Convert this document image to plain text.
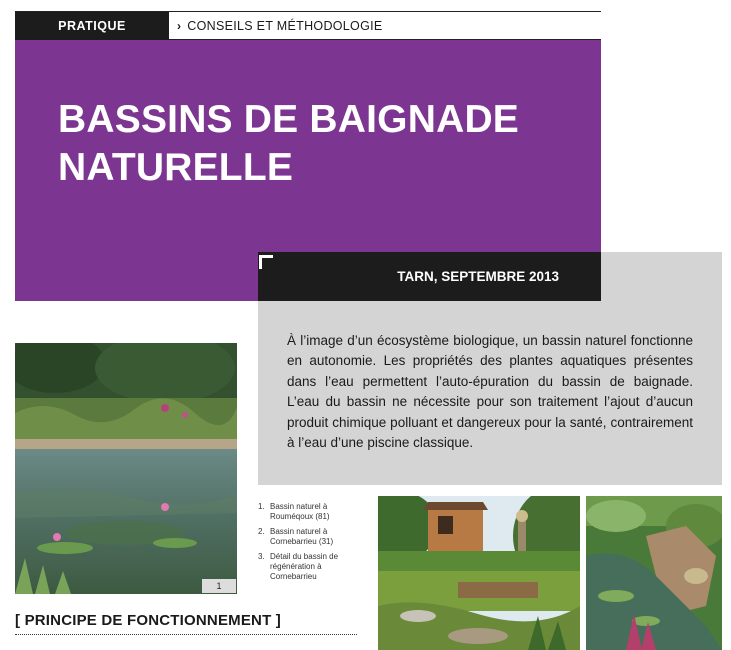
PRATIQUE	› CONSEILS ET MÉTHODOLOGIE
BASSINS DE BAIGNADE NATURELLE
TARN, SEPTEMBRE 2013

À l’image d’un écosystème biologique, un bassin naturel fonctionne en autonomie. Les propriétés des plantes aquatiques présentes dans l’eau permettent l’auto-épuration du bassin de baignade. L’eau du bassin ne nécessite pour son traitement l’ajout d’aucun produit chimique polluant et dangereux pour la santé, contrairement à l’eau d’une piscine classique.

1
1. Bassin naturel à Rouméqoux (81)
2. Bassin naturel à Cornebarrieu (31)
3. Détail du bassin de régénération à Cornebarrieu
[ PRINCIPE DE FONCTIONNEMENT ]
